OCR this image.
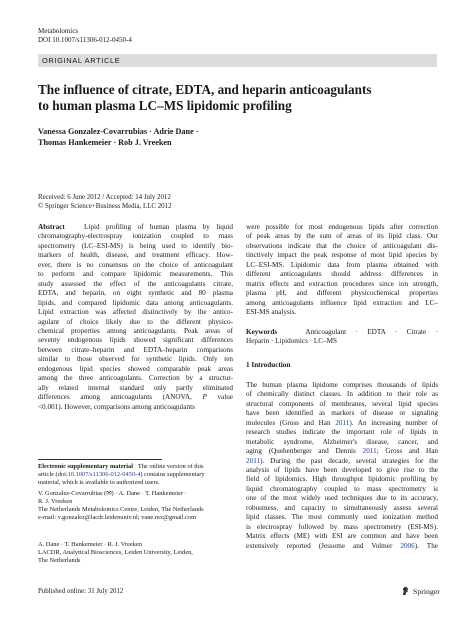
Metabolomics
DOI 10.1007/s11306-012-0450-4
ORIGINAL ARTICLE
The influence of citrate, EDTA, and heparin anticoagulants
to human plasma LC–MS lipidomic profiling
Vanessa Gonzalez-Covarrubias · Adrie Dane ·
Thomas Hankemeier · Rob J. Vreeken
Received: 6 June 2012 / Accepted: 14 July 2012
© Springer Science+Business Media, LLC 2012
Abstract	Lipid profiling of human plasma by liquid
chromatography-electrospray ionization coupled to mass
spectrometry (LC–ESI-MS) is being used to identify bio-
markers of health, disease, and treatment efficacy. How-
ever, there is no consensus on the choice of anticoagulant
to perform and compare lipidomic measurements. This
study assessed the effect of the anticoagulants citrate,
EDTA, and heparin, on eight synthetic and 80 plasma
lipids, and compared lipidomic data among anticoagulants.
Lipid extraction was affected distinctively by the antico-
agulant of choice likely due to the different physico-
chemical properties among anticoagulants. Peak areas of
seventy endogenous lipids showed significant differences
between citrate–heparin and EDTA–heparin comparisons
similar to those observed for synthetic lipids. Only ten
endogenous lipid species showed comparable peak areas
among the three anticoagulants. Correction by a structur-
ally related internal standard only partly eliminated
differences among anticoagulants (ANOVA, P value
<0.001). However, comparisons among anticoagulants
were possible for most endogenous lipids after correction
of peak areas by the sum of areas of its lipid class. Our
observations indicate that the choice of anticoagulant dis-
tinctively impact the peak response of most lipid species by
LC–ESI-MS. Lipidomic data from plasma obtained with
different anticoagulants should address differences in
matrix effects and extraction procedures since ion strength,
plasma pH, and different physicochemical properties
among anticoagulants influence lipid extraction and LC–
ESI-MS analysis.
Keywords	Anticoagulant · EDTA · Citrate ·
Heparin · Lipidomics · LC–MS
1 Introduction
The human plasma lipidome comprises thousands of lipids
of chemically distinct classes. In addition to their role as
structural components of membranes, several lipid species
have been identified as markers of disease or signaling
molecules (Gross and Han 2011). An increasing number of
research studies indicate the important role of lipids in
metabolic syndrome, Alzheimer's disease, cancer, and
aging (Quehenberger and Dennis 2011; Gross and Han
2011). During the past decade, several strategies for the
analysis of lipids have been developed to give rise to the
field of lipidomics. High throughput lipidomic profiling by
liquid chromatography coupled to mass spectrometry is
one of the most widely used techniques due to its accuracy,
robustness, and capacity to simultaneously assess several
lipid classes. The most commonly used ionization method
is electrospray followed by mass spectrometry (ESI-MS).
Matrix effects (ME) with ESI are common and have been
extensively reported (Jessome and Volmer 2006). The
Electronic supplementary material The online version of this
article (doi:10.1007/s11306-012-0450-4) contains supplementary
material, which is available to authorized users.
V. Gonzalez-Covarrubias (✉) · A. Dane · T. Hankemeier ·
R. J. Vreeken
The Netherlands Metabolomics Centre, Leiden, The Netherlands
e-mail: v.gonzalez@lacdr.leidenuniv.nl; vane.mx@gmail.com
A. Dane · T. Hankemeier · R. J. Vreeken
LACDR, Analytical Biosciences, Leiden University, Leiden,
The Netherlands
Published online: 31 July 2012	Springer
